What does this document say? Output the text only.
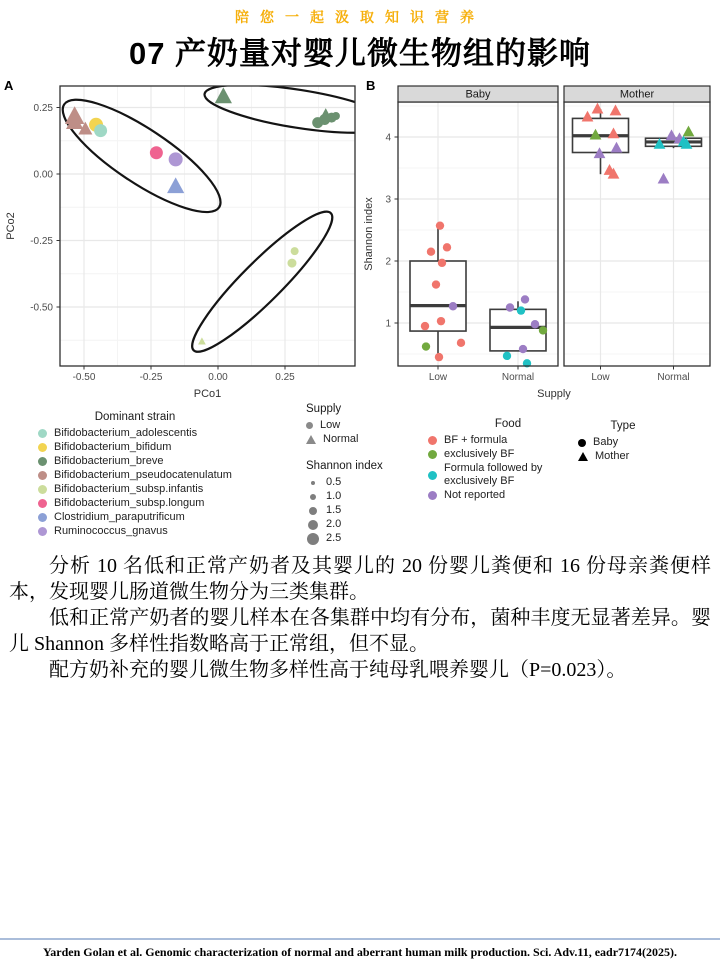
陪您一起汲取知识营养
07 产奶量对婴儿微生物组的影响
-0.50	-0.25	0.00	0.25
0.25
0.00
-0.25
-0.50
PCo1
PCo2
A
Baby
Low	Normal
Mother
Low	Normal
1
2
3
4
Supply
Shannon index
B
Dominant strain
Bifidobacterium_adolescentis
Bifidobacterium_bifidum
Bifidobacterium_breve
Bifidobacterium_pseudocatenulatum
Bifidobacterium_subsp.infantis
Bifidobacterium_subsp.longum
Clostridium_paraputrificum
Ruminococcus_gnavus
Supply
Low
Normal
Shannon index
0.5
1.0
1.5
2.0
2.5
Food
BF + formula
exclusively BF
Formula followed by exclusively BF
Not reported
Type
Baby
Mother

分析 10 名低和正常产奶者及其婴儿的 20 份婴儿粪便和 16 份母亲粪便样本，发现婴儿肠道微生物分为三类集群。

低和正常产奶者的婴儿样本在各集群中均有分布，菌种丰度无显著差异。婴儿 Shannon 多样性指数略高于正常组，但不显。

配方奶补充的婴儿微生物多样性高于纯母乳喂养婴儿（P=0.023）。

Yarden Golan et al. Genomic characterization of normal and aberrant human milk production. Sci. Adv.11, eadr7174(2025).
